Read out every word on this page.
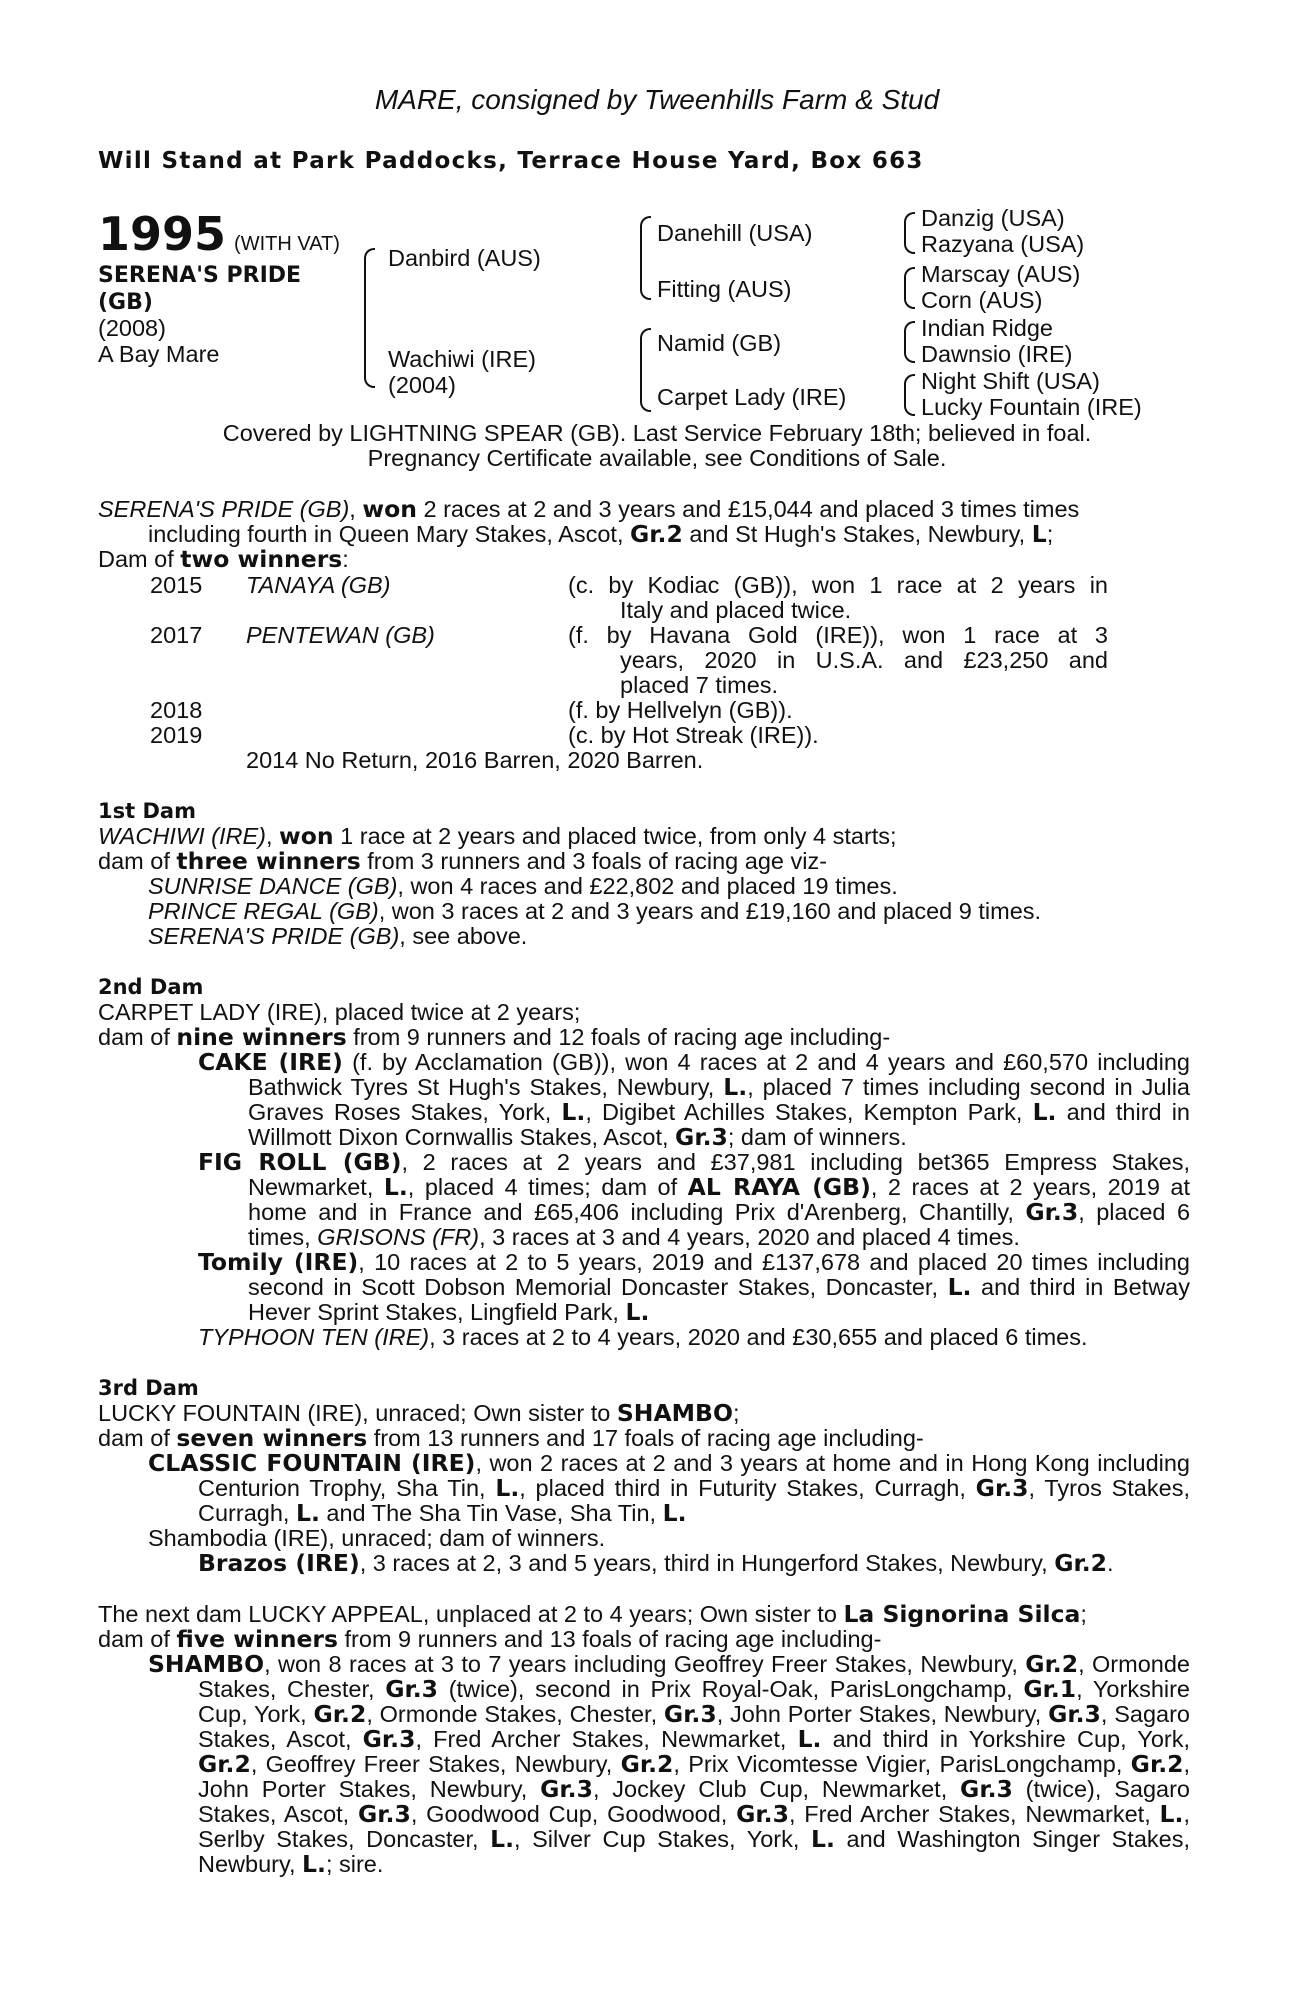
MARE, consigned by Tweenhills Farm & Stud
Will Stand at Park Paddocks, Terrace House Yard, Box 663
1995 (WITH VAT)
SERENA'S PRIDE
(GB)
(2008)
A Bay Mare
Danbird (AUS)
Wachiwi (IRE)
(2004)
Danehill (USA)
Fitting (AUS)
Namid (GB)
Carpet Lady (IRE)
Danzig (USA)
Razyana (USA)
Marscay (AUS)
Corn (AUS)
Indian Ridge
Dawnsio (IRE)
Night Shift (USA)
Lucky Fountain (IRE)
Covered by LIGHTNING SPEAR (GB). Last Service February 18th; believed in foal.
Pregnancy Certificate available, see Conditions of Sale.
SERENA'S PRIDE (GB), won 2 races at 2 and 3 years and £15,044 and placed 3 times times
including fourth in Queen Mary Stakes, Ascot, Gr.2 and St Hugh's Stakes, Newbury, L;
Dam of two winners:
2015 TANAYA (GB)	(c. by Kodiac (GB)), won 1 race at 2 years in
Italy and placed twice.
2017 PENTEWAN (GB)	(f. by Havana Gold (IRE)), won 1 race at 3
years, 2020 in U.S.A. and £23,250 and
placed 7 times.
2018	(f. by Hellvelyn (GB)).
2019	(c. by Hot Streak (IRE)).
2014 No Return, 2016 Barren, 2020 Barren.
1st Dam
WACHIWI (IRE), won 1 race at 2 years and placed twice, from only 4 starts;
dam of three winners from 3 runners and 3 foals of racing age viz-
SUNRISE DANCE (GB), won 4 races and £22,802 and placed 19 times.
PRINCE REGAL (GB), won 3 races at 2 and 3 years and £19,160 and placed 9 times.
SERENA'S PRIDE (GB), see above.
2nd Dam
CARPET LADY (IRE), placed twice at 2 years;
dam of nine winners from 9 runners and 12 foals of racing age including-
CAKE (IRE) (f. by Acclamation (GB)), won 4 races at 2 and 4 years and £60,570 including Bathwick Tyres St Hugh's Stakes, Newbury, L., placed 7 times including second in Julia Graves Roses Stakes, York, L., Digibet Achilles Stakes, Kempton Park, L. and third in Willmott Dixon Cornwallis Stakes, Ascot, Gr.3; dam of winners.
FIG ROLL (GB), 2 races at 2 years and £37,981 including bet365 Empress Stakes, Newmarket, L., placed 4 times; dam of AL RAYA (GB), 2 races at 2 years, 2019 at home and in France and £65,406 including Prix d'Arenberg, Chantilly, Gr.3, placed 6 times, GRISONS (FR), 3 races at 3 and 4 years, 2020 and placed 4 times.
Tomily (IRE), 10 races at 2 to 5 years, 2019 and £137,678 and placed 20 times including second in Scott Dobson Memorial Doncaster Stakes, Doncaster, L. and third in Betway Hever Sprint Stakes, Lingfield Park, L.
TYPHOON TEN (IRE), 3 races at 2 to 4 years, 2020 and £30,655 and placed 6 times.
3rd Dam
LUCKY FOUNTAIN (IRE), unraced; Own sister to SHAMBO;
dam of seven winners from 13 runners and 17 foals of racing age including-
CLASSIC FOUNTAIN (IRE), won 2 races at 2 and 3 years at home and in Hong Kong including Centurion Trophy, Sha Tin, L., placed third in Futurity Stakes, Curragh, Gr.3, Tyros Stakes, Curragh, L. and The Sha Tin Vase, Sha Tin, L.
Shambodia (IRE), unraced; dam of winners.
Brazos (IRE), 3 races at 2, 3 and 5 years, third in Hungerford Stakes, Newbury, Gr.2.
The next dam LUCKY APPEAL, unplaced at 2 to 4 years; Own sister to La Signorina Silca;
dam of five winners from 9 runners and 13 foals of racing age including-
SHAMBO, won 8 races at 3 to 7 years including Geoffrey Freer Stakes, Newbury, Gr.2, Ormonde Stakes, Chester, Gr.3 (twice), second in Prix Royal-Oak, ParisLongchamp, Gr.1, Yorkshire Cup, York, Gr.2, Ormonde Stakes, Chester, Gr.3, John Porter Stakes, Newbury, Gr.3, Sagaro Stakes, Ascot, Gr.3, Fred Archer Stakes, Newmarket, L. and third in Yorkshire Cup, York, Gr.2, Geoffrey Freer Stakes, Newbury, Gr.2, Prix Vicomtesse Vigier, ParisLongchamp, Gr.2, John Porter Stakes, Newbury, Gr.3, Jockey Club Cup, Newmarket, Gr.3 (twice), Sagaro Stakes, Ascot, Gr.3, Goodwood Cup, Goodwood, Gr.3, Fred Archer Stakes, Newmarket, L., Serlby Stakes, Doncaster, L., Silver Cup Stakes, York, L. and Washington Singer Stakes, Newbury, L.; sire.
